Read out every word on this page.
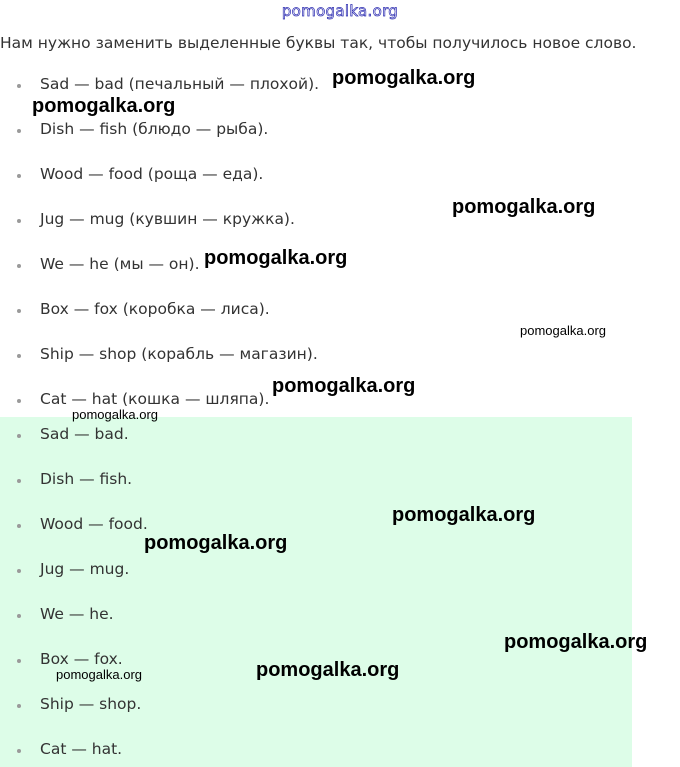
pomogalka.org
Нам нужно заменить выделенные буквы так, чтобы получилось новое слово.
Sad — bad (печальный — плохой).
Dish — fish (блюдо — рыба).
Wood — food (роща — еда).
Jug — mug (кувшин — кружка).
We — he (мы — он).
Box — fox (коробка — лиса).
Ship — shop (корабль — магазин).
Cat — hat (кошка — шляпа).
Sad — bad.
Dish — fish.
Wood — food.
Jug — mug.
We — he.
Box — fox.
Ship — shop.
Cat — hat.
pomogalka.org
pomogalka.org
pomogalka.org
pomogalka.org
pomogalka.org
pomogalka.org
pomogalka.org
pomogalka.org
pomogalka.org
pomogalka.org
pomogalka.org
pomogalka.org
